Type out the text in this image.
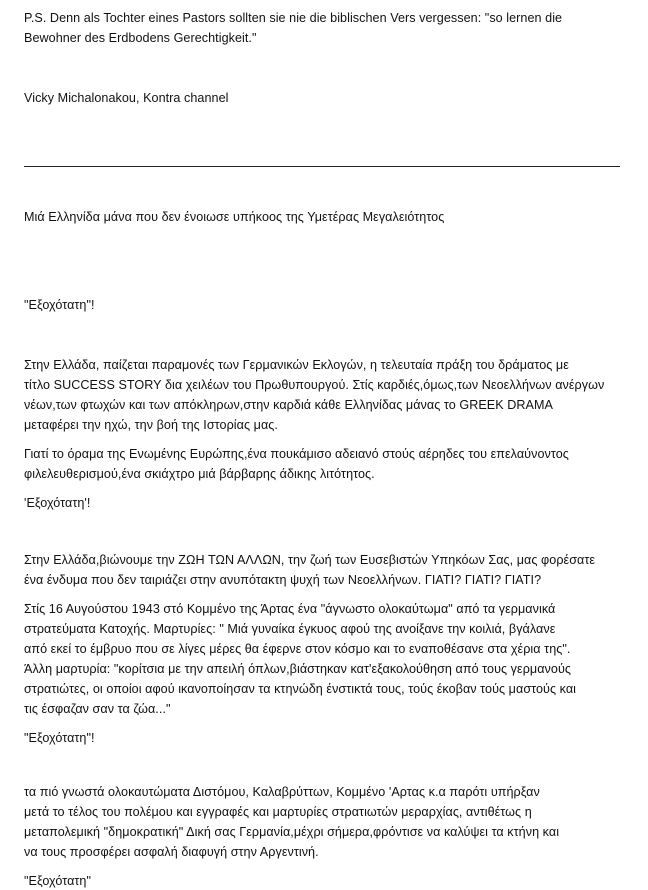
P.S. Denn als Tochter eines Pastors sollten sie nie die biblischen Vers vergessen: "so lernen die
Bewohner des Erdbodens Gerechtigkeit."
Vicky Michalonakou, Kontra channel
Μιά Ελληνίδα μάνα που δεν ένοιωσε υπήκοος της Υμετέρας Μεγαλειότητος
"Εξοχότατη"!
Στην Ελλάδα, παίζεται παραμονές των Γερμανικών Εκλογών, η τελευταία πράξη του δράματος με
τίτλο SUCCESS STORY δια χειλέων του Πρωθυπουργού. Στίς καρδιές,όμως,των Νεοελλήνων ανέργων
νέων,των φτωχών και των απόκληρων,στην καρδιά κάθε Ελληνίδας μάνας το GREEK DRAMA
μεταφέρει την ηχώ, την βοή της Ιστορίας μας.
Γιατί το όραμα της Ενωμένης Ευρώπης,ένα πουκάμισο αδειανό στούς αέρηδες του επελαύνοντος
φιλελευθερισμού,ένα σκιάχτρο μιά βάρβαρης άδικης λιτότητος.
'Εξοχότατη'!
Στην Ελλάδα,βιώνουμε την ΖΩΗ ΤΩΝ ΑΛΛΩΝ, την ζωή των Ευσεβιστών Υπηκόων Σας, μας φορέσατε
ένα ένδυμα που δεν ταιριάζει στην ανυπότακτη ψυχή των Νεοελλήνων. ΓΙΑΤΙ? ΓΙΑΤΙ? ΓΙΑΤΙ?
Στίς 16 Αυγούστου 1943 στό Κομμένο της Άρτας ένα "άγνωστο ολοκαύτωμα" από τα γερμανικά
στρατεύματα Κατοχής. Μαρτυρίες: " Μιά γυναίκα έγκυος αφού της ανοίξανε την κοιλιά, βγάλανε
από εκεί το έμβρυο που σε λίγες μέρες θα έφερνε στον κόσμο και το εναποθέσανε στα χέρια της".
Άλλη μαρτυρία: "κορίτσια με την απειλή όπλων,βιάστηκαν κατ'εξακολούθηση από τους γερμανούς
στρατιώτες, οι οποίοι αφού ικανοποίησαν τα κτηνώδη ένστικτά τους, τούς έκοβαν τούς μαστούς και
τις έσφαζαν σαν τα ζώα..."
"Εξοχότατη"!
τα πιό γνωστά ολοκαυτώματα Διστόμου, Καλαβρύττων, Κομμένο 'Αρτας κ.α παρότι υπήρξαν
μετά το τέλος του πολέμου και εγγραφές και μαρτυρίες στρατιωτών μεραρχίας, αντιθέτως η
μεταπολεμική "δημοκρατική" Δική σας Γερμανία,μέχρι σήμερα,φρόντισε να καλύψει τα κτήνη και
να τους προσφέρει ασφαλή διαφυγή στην Αργεντινή.
"Εξοχότατη"
